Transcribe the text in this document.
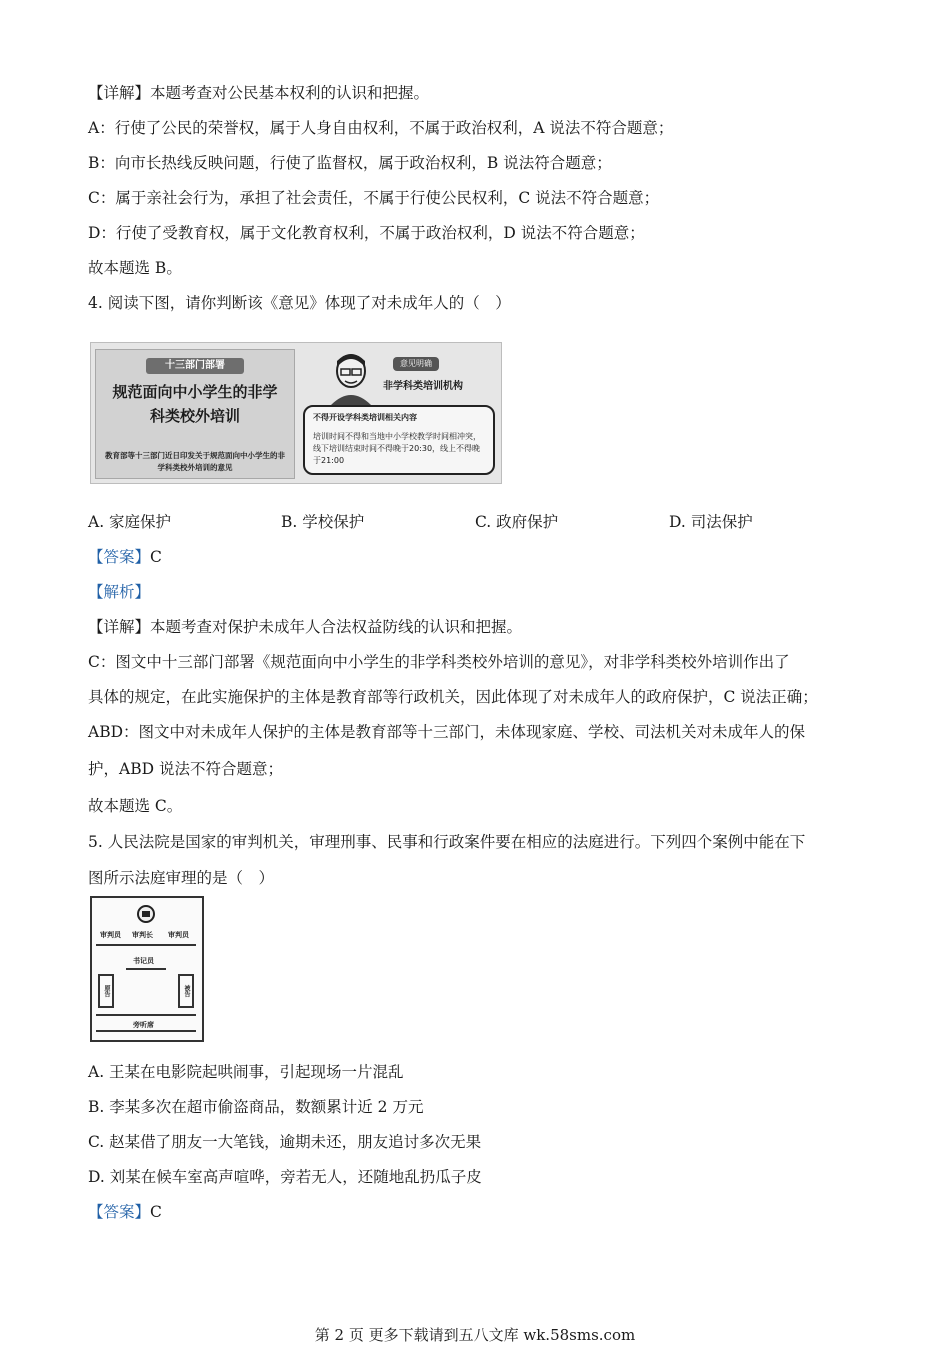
【详解】本题考查对公民基本权利的认识和把握。
A：行使了公民的荣誉权，属于人身自由权利，不属于政治权利，A 说法不符合题意；
B：向市长热线反映问题，行使了监督权，属于政治权利，B 说法符合题意；
C：属于亲社会行为，承担了社会责任，不属于行使公民权利，C 说法不符合题意；
D：行使了受教育权，属于文化教育权利，不属于政治权利，D 说法不符合题意；
故本题选 B。
4. 阅读下图，请你判断该《意见》体现了对未成年人的（　）
十三部门部署
规范面向中小学生的非学科类校外培训
教育部等十三部门近日印发关于规范面向中小学生的非学科类校外培训的意见
意见明确
非学科类培训机构
不得开设学科类培训相关内容
培训时间不得和当地中小学校教学时间相冲突，线下培训结束时间不得晚于20:30，线上不得晚于21:00
A. 家庭保护	B. 学校保护	C. 政府保护	D. 司法保护
【答案】C
【解析】
【详解】本题考查对保护未成年人合法权益防线的认识和把握。
C：图文中十三部门部署《规范面向中小学生的非学科类校外培训的意见》，对非学科类校外培训作出了
具体的规定，在此实施保护的主体是教育部等行政机关，因此体现了对未成年人的政府保护，C 说法正确；
ABD：图文中对未成年人保护的主体是教育部等十三部门，未体现家庭、学校、司法机关对未成年人的保
护，ABD 说法不符合题意；
故本题选 C。
5. 人民法院是国家的审判机关，审理刑事、民事和行政案件要在相应的法庭进行。下列四个案例中能在下
图所示法庭审理的是（　）
审判员 审判长 审判员
书记员
原告	被告
旁听席
A. 王某在电影院起哄闹事，引起现场一片混乱
B. 李某多次在超市偷盗商品，数额累计近 2 万元
C. 赵某借了朋友一大笔钱，逾期未还，朋友追讨多次无果
D. 刘某在候车室高声喧哗，旁若无人，还随地乱扔瓜子皮
【答案】C
第 2 页 更多下载请到五八文库 wk.58sms.com
